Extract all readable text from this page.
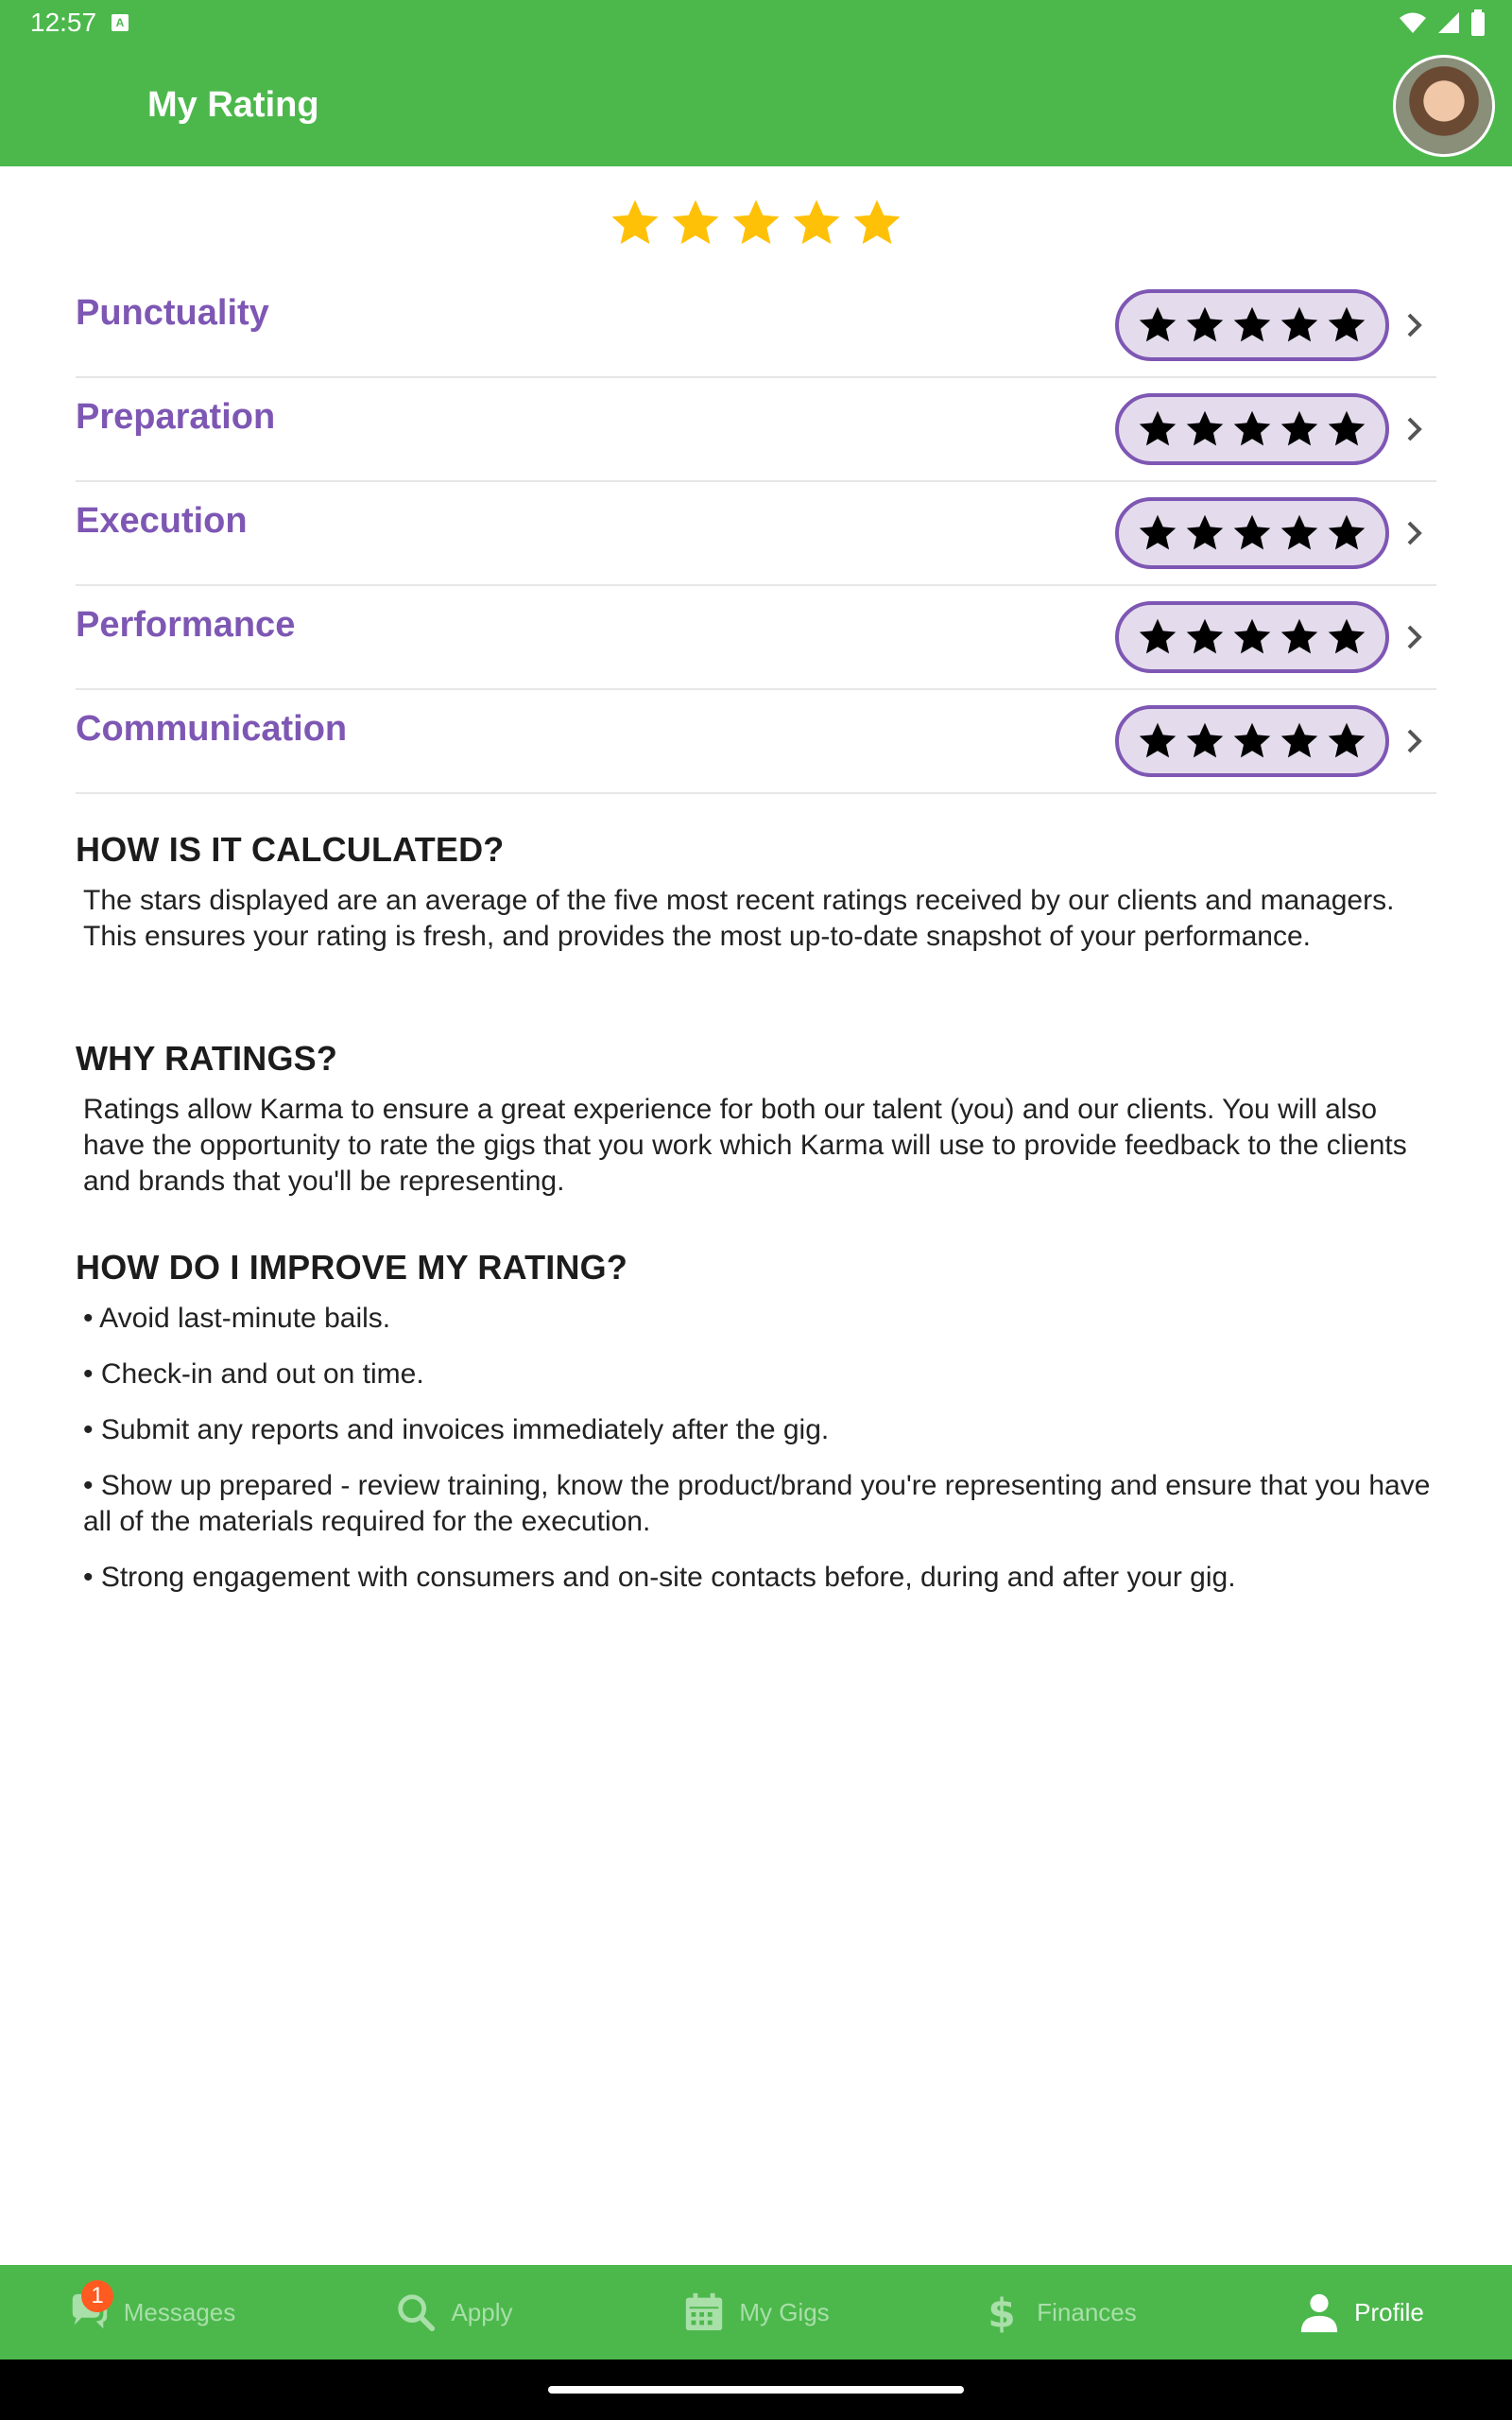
12:57	A
My Rating
Punctuality
Preparation
Execution
Performance
Communication
HOW IS IT CALCULATED?

The stars displayed are an average of the five most recent ratings received by our clients and managers. This ensures your rating is fresh, and provides the most up-to-date snapshot of your performance.

WHY RATINGS?

Ratings allow Karma to ensure a great experience for both our talent (you) and our clients. You will also have the opportunity to rate the gigs that you work which Karma will use to provide feedback to the clients and brands that you'll be representing.

HOW DO I IMPROVE MY RATING?

• Avoid last-minute bails.

• Check-in and out on time.

• Submit any reports and invoices immediately after the gig.

• Show up prepared - review training, know the product/brand you're representing and ensure that you have all of the materials required for the execution.

• Strong engagement with consumers and on-site contacts before, during and after your gig.

1
Messages	Apply	My Gigs	$ Finances	Profile
